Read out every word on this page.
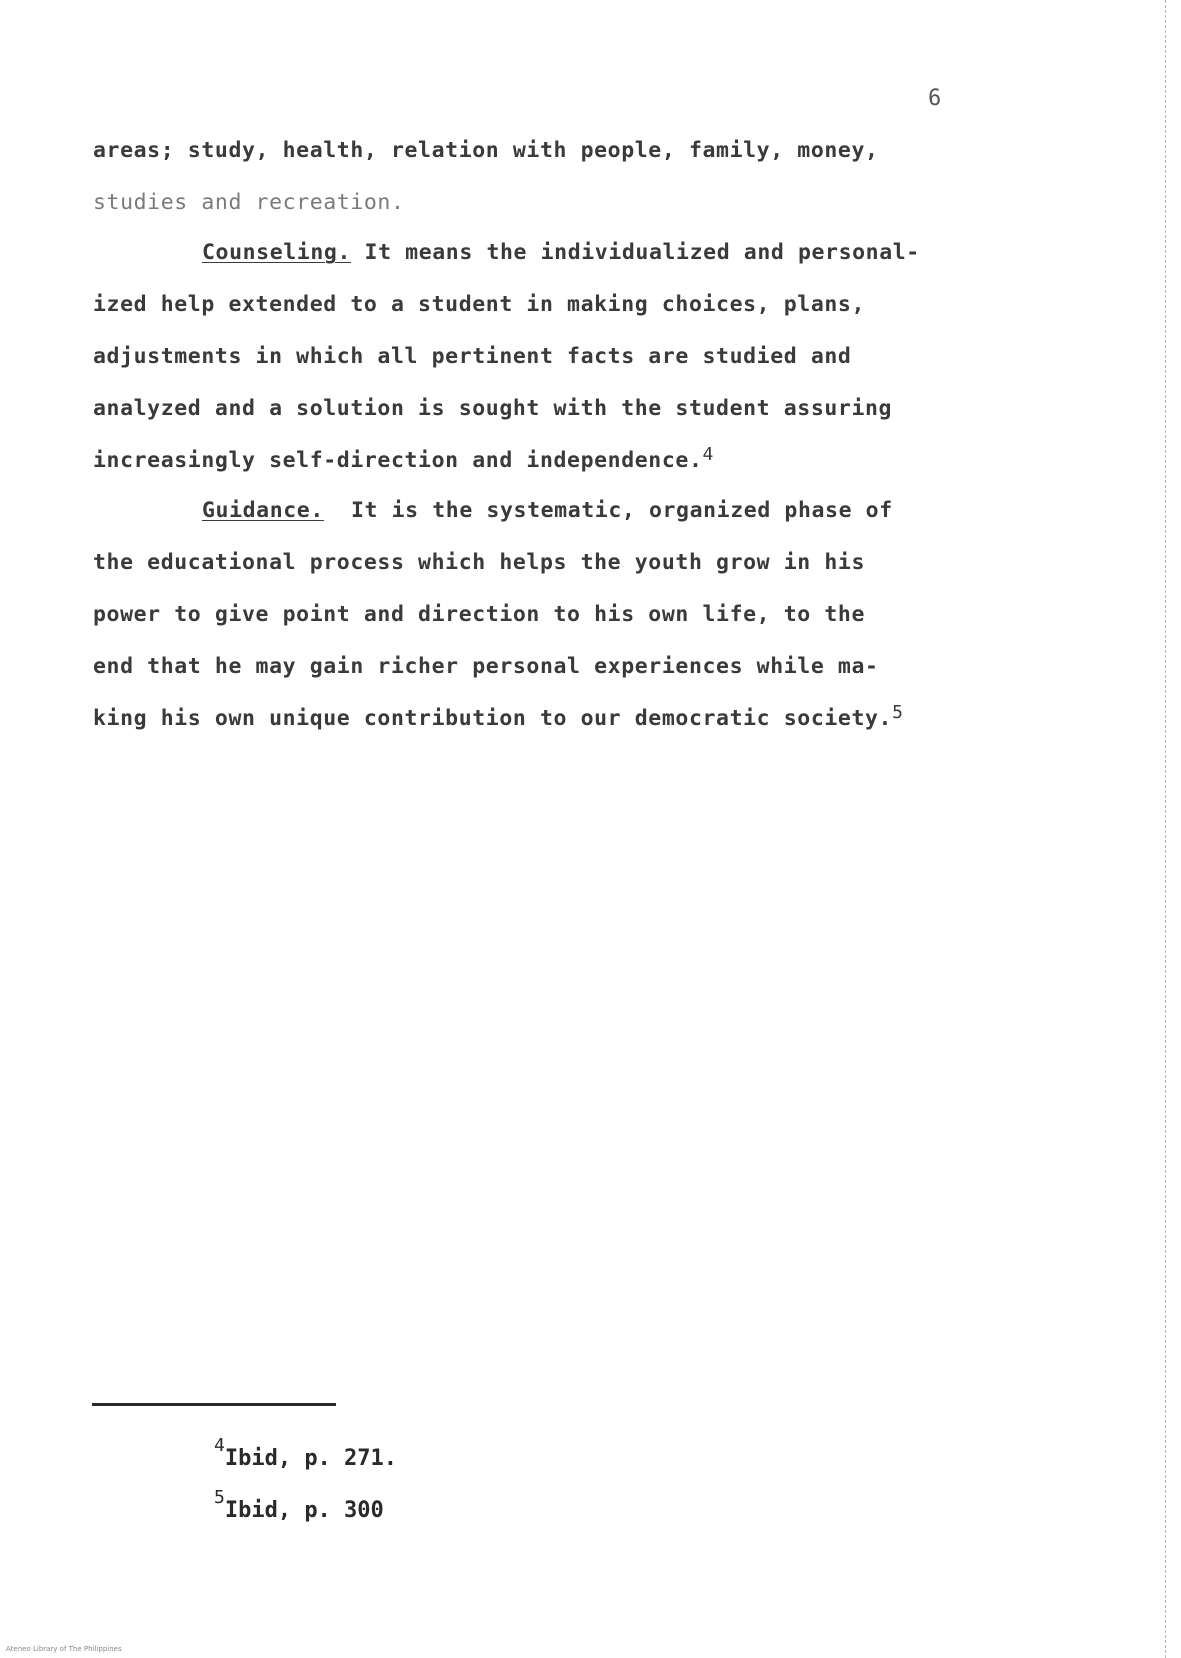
6
areas; study, health, relation with people, family, money,
studies and recreation.
Counseling. It means the individualized and personal-
ized help extended to a student in making choices, plans,
adjustments in which all pertinent facts are studied and
analyzed and a solution is sought with the student assuring
increasingly self-direction and independence.$^4$
Guidance.  It is the systematic, organized phase of
the educational process which helps the youth grow in his
power to give point and direction to his own life, to the
end that he may gain richer personal experiences while ma-
king his own unique contribution to our democratic society.$^5$
$^4$Ibid, p. 271.
$^5$Ibid, p. 300
Ateneo Library of The Philippines
